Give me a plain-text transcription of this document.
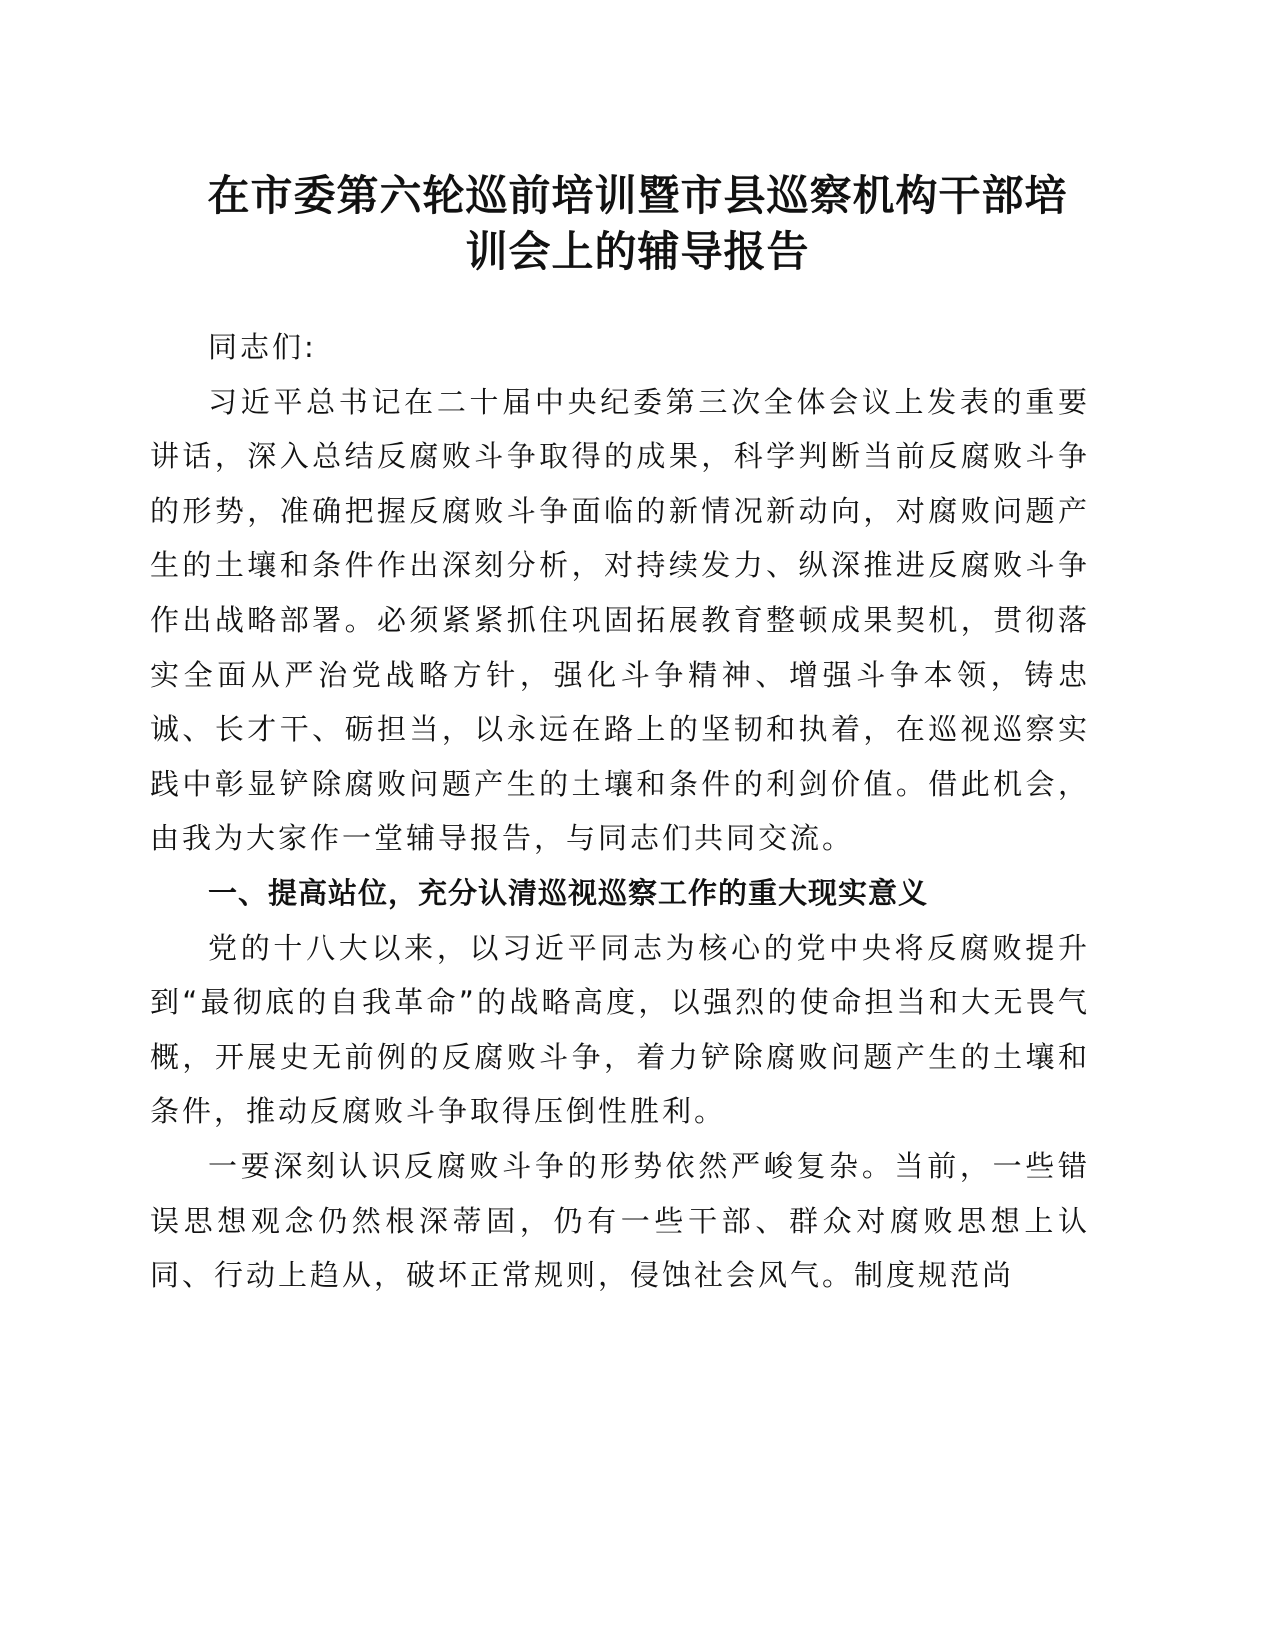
在市委第六轮巡前培训暨市县巡察机构干部培
训会上的辅导报告

同志们:

习近平总书记在二十届中央纪委第三次全体会议上发表的重要讲话，深入总结反腐败斗争取得的成果，科学判断当前反腐败斗争的形势，准确把握反腐败斗争面临的新情况新动向，对腐败问题产生的土壤和条件作出深刻分析，对持续发力、纵深推进反腐败斗争作出战略部署。必须紧紧抓住巩固拓展教育整顿成果契机，贯彻落实全面从严治党战略方针，强化斗争精神、增强斗争本领，铸忠诚、长才干、砺担当，以永远在路上的坚韧和执着，在巡视巡察实践中彰显铲除腐败问题产生的土壤和条件的利剑价值。借此机会，由我为大家作一堂辅导报告，与同志们共同交流。

一、提高站位，充分认清巡视巡察工作的重大现实意义

党的十八大以来，以习近平同志为核心的党中央将反腐败提升到“最彻底的自我革命”的战略高度，以强烈的使命担当和大无畏气概，开展史无前例的反腐败斗争，着力铲除腐败问题产生的土壤和条件，推动反腐败斗争取得压倒性胜利。

一要深刻认识反腐败斗争的形势依然严峻复杂。当前，一些错误思想观念仍然根深蒂固，仍有一些干部、群众对腐败思想上认同、行动上趋从，破坏正常规则，侵蚀社会风气。制度规范尚
